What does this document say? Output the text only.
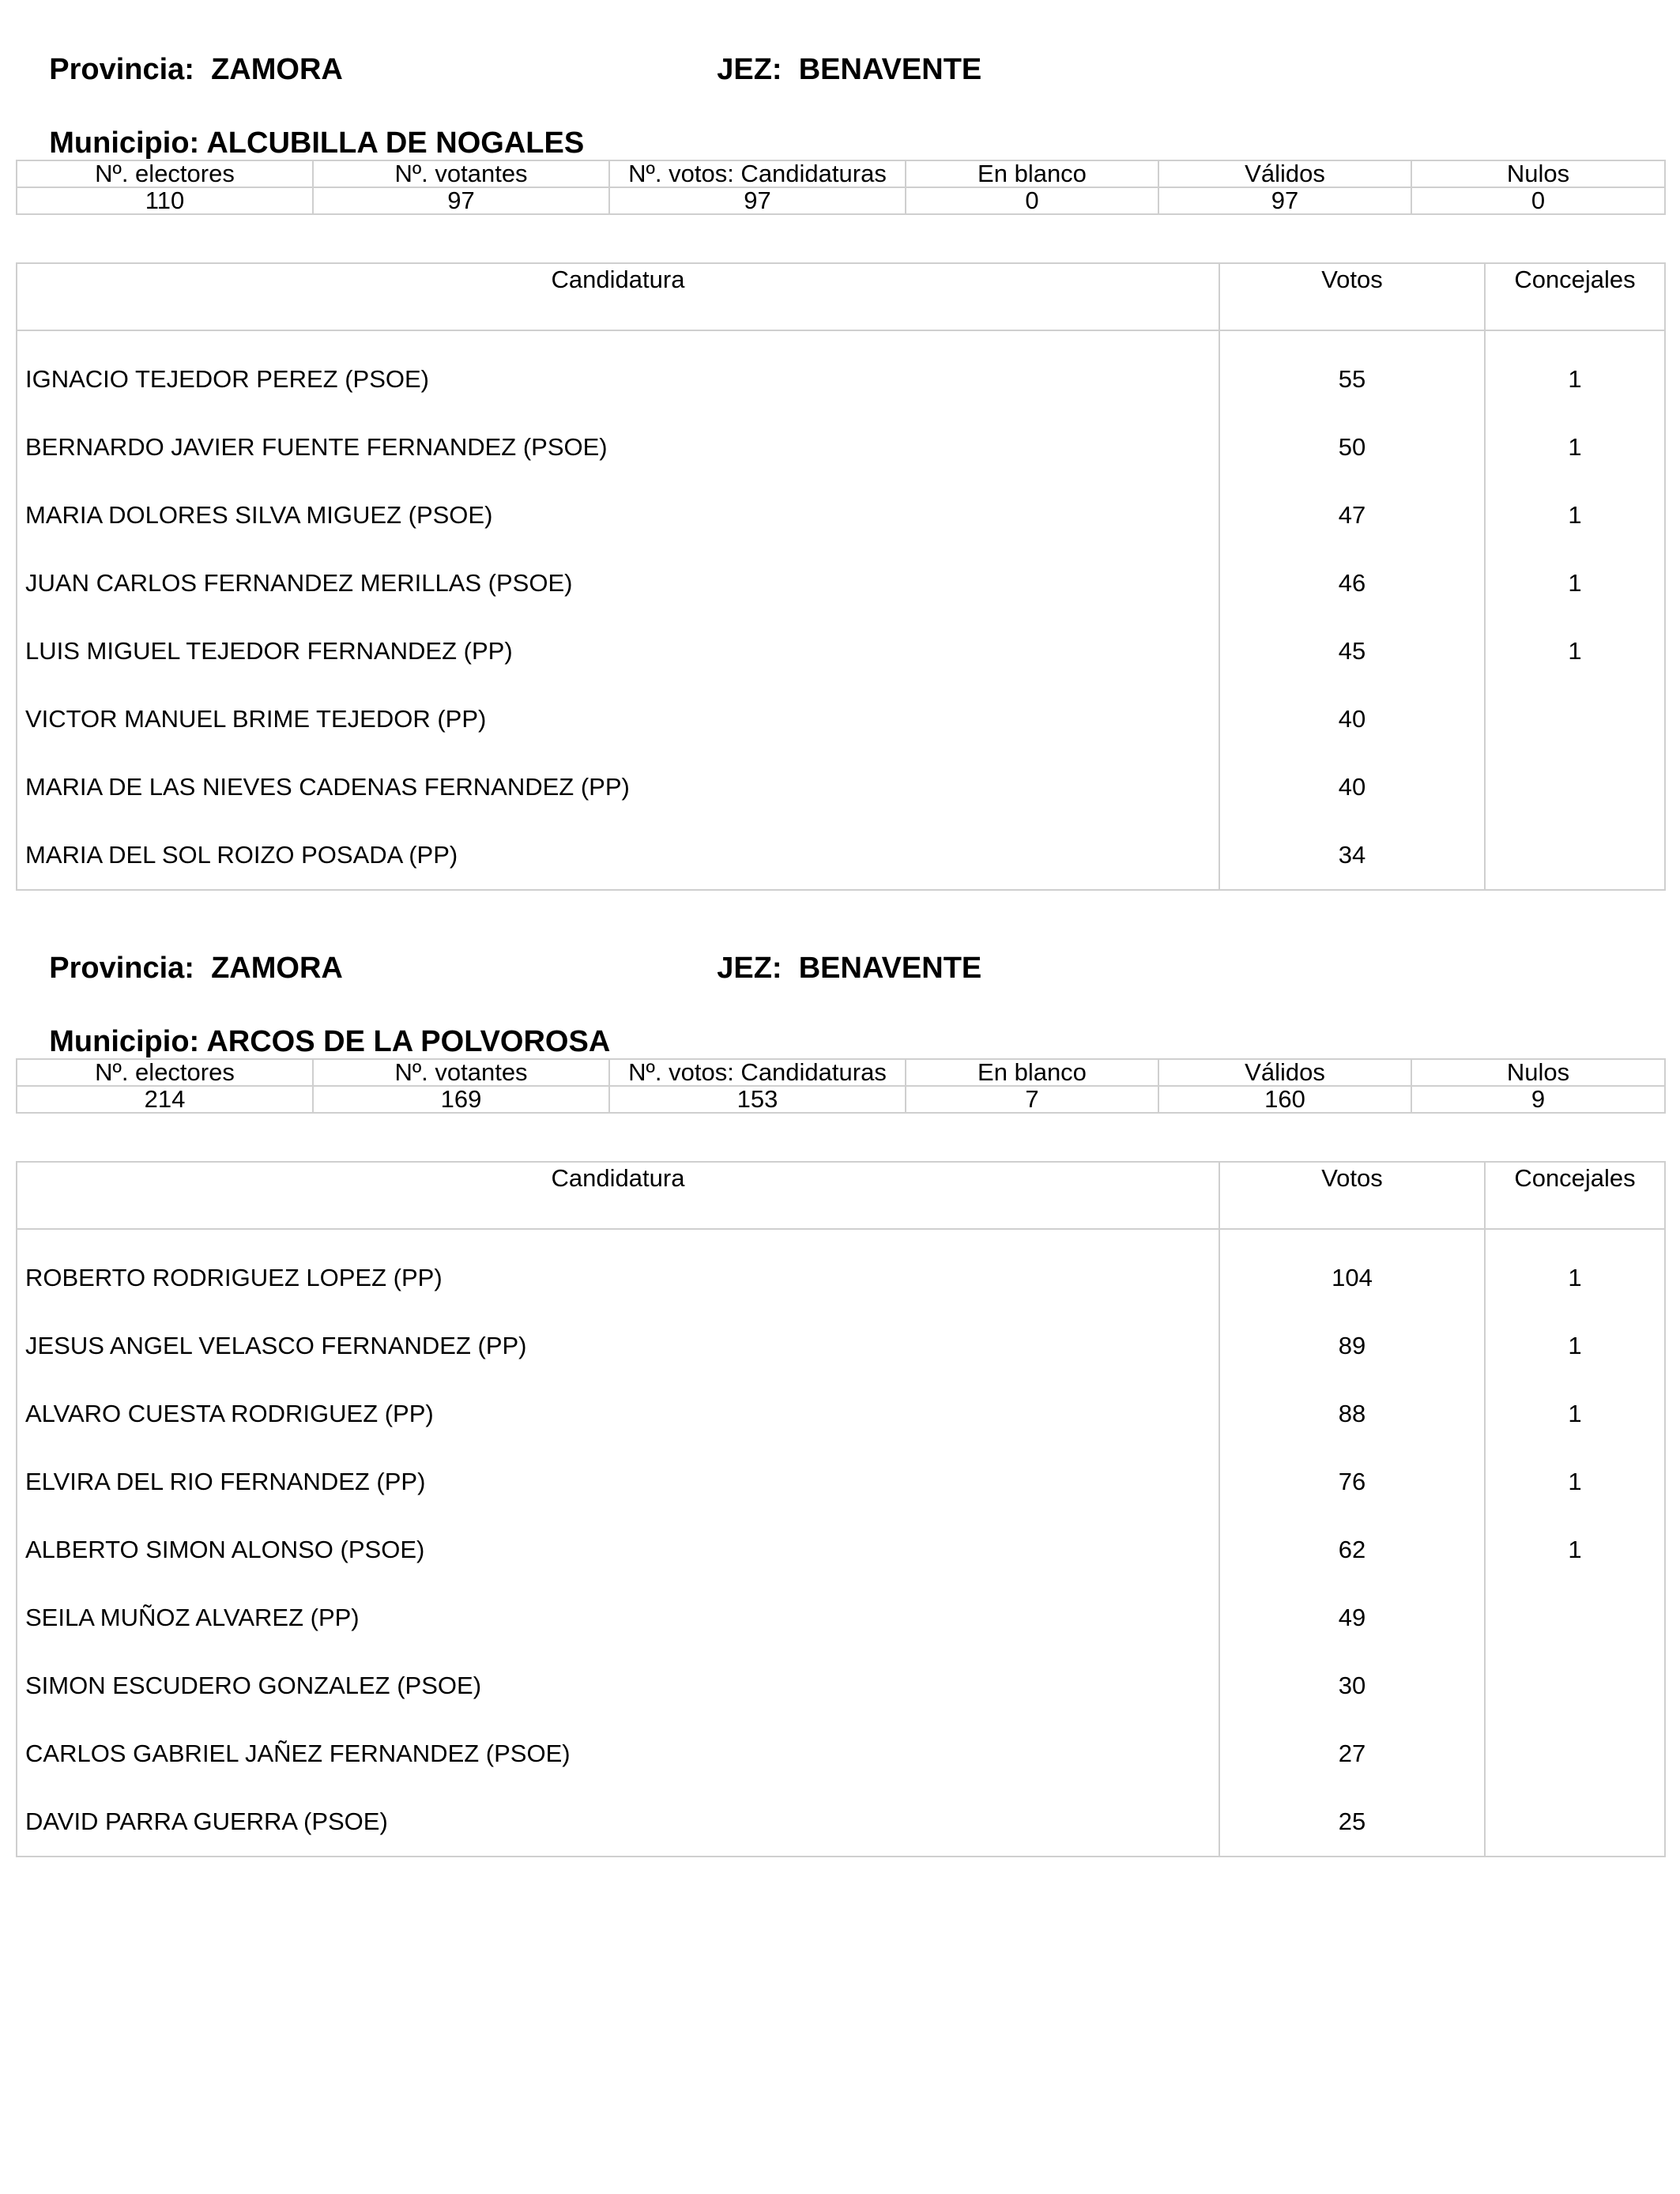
Provincia: ZAMORA
	JEZ: BENAVENTE

Municipio: ALCUBILLA DE NOGALES

Nº. electores	Nº. votantes	Nº. votos: Candidaturas	En blanco	Válidos	Nulos
110	97	97	0	97	0
Candidatura	Votos	Concejales
IGNACIO TEJEDOR PEREZ (PSOE)	55	1
BERNARDO JAVIER FUENTE FERNANDEZ (PSOE)	50	1
MARIA DOLORES SILVA MIGUEZ (PSOE)	47	1
JUAN CARLOS FERNANDEZ MERILLAS (PSOE)	46	1
LUIS MIGUEL TEJEDOR FERNANDEZ (PP)	45	1
VICTOR MANUEL BRIME TEJEDOR (PP)	40	
MARIA DE LAS NIEVES CADENAS FERNANDEZ (PP)	40	
MARIA DEL SOL ROIZO POSADA (PP)	34	

Provincia: ZAMORA
	JEZ: BENAVENTE

Municipio: ARCOS DE LA POLVOROSA

Nº. electores	Nº. votantes	Nº. votos: Candidaturas	En blanco	Válidos	Nulos
214	169	153	7	160	9
Candidatura	Votos	Concejales
ROBERTO RODRIGUEZ LOPEZ (PP)	104	1
JESUS ANGEL VELASCO FERNANDEZ (PP)	89	1
ALVARO CUESTA RODRIGUEZ (PP)	88	1
ELVIRA DEL RIO FERNANDEZ (PP)	76	1
ALBERTO SIMON ALONSO (PSOE)	62	1
SEILA MUÑOZ ALVAREZ (PP)	49	
SIMON ESCUDERO GONZALEZ (PSOE)	30	
CARLOS GABRIEL JAÑEZ FERNANDEZ (PSOE)	27	
DAVID PARRA GUERRA (PSOE)	25	
